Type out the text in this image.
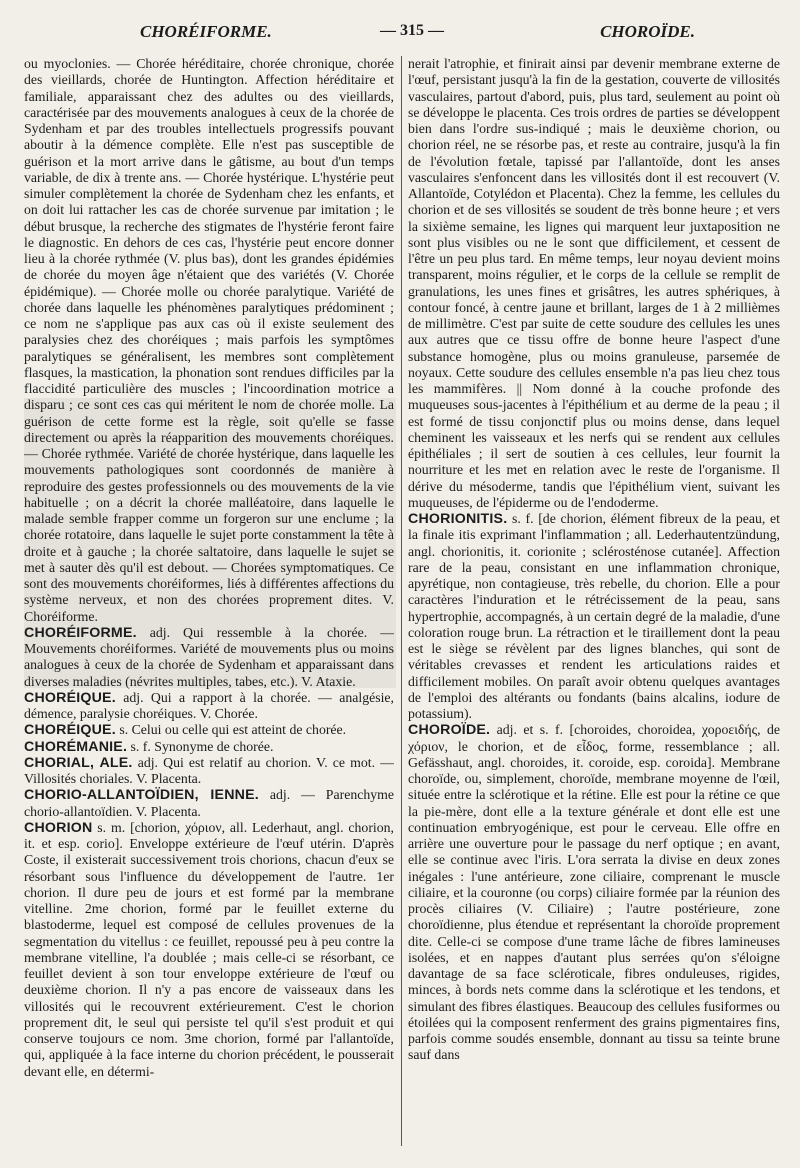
CHORÉIFORME.	— 315 —	CHOROÏDE.

ou myoclonies. — Chorée héréditaire, chorée chronique, chorée des vieillards, chorée de Huntington. Affection héréditaire et familiale, apparaissant chez des adultes ou des vieillards, caractérisée par des mouvements analogues à ceux de la chorée de Sydenham et par des troubles intellectuels progressifs pouvant aboutir à la démence complète. Elle n'est pas susceptible de guérison et la mort arrive dans le gâtisme, au bout d'un temps variable, de dix à trente ans. — Chorée hystérique. L'hystérie peut simuler complètement la chorée de Sydenham chez les enfants, et on doit lui rattacher les cas de chorée survenue par imitation ; le début brusque, la recherche des stigmates de l'hystérie feront faire le diagnostic. En dehors de ces cas, l'hystérie peut encore donner lieu à la chorée rythmée (V. plus bas), dont les grandes épidémies de chorée du moyen âge n'étaient que des variétés (V. Chorée épidémique). — Chorée molle ou chorée paralytique. Variété de chorée dans laquelle les phénomènes paralytiques prédominent ; ce nom ne s'applique pas aux cas où il existe seulement des paralysies chez des choréiques ; mais parfois les symptômes paralytiques se généralisent, les membres sont complètement flasques, la mastication, la phonation sont rendues difficiles par la flaccidité particulière des muscles ; l'incoordination motrice a disparu ; ce sont ces cas qui méritent le nom de chorée molle. La guérison de cette forme est la règle, soit qu'elle se fasse directement ou après la réapparition des mouvements choréiques. — Chorée rythmée. Variété de chorée hystérique, dans laquelle les mouvements pathologiques sont coordonnés de manière à reproduire des gestes professionnels ou des mouvements de la vie habituelle ; on a décrit la chorée malléatoire, dans laquelle le malade semble frapper comme un forgeron sur une enclume ; la chorée rotatoire, dans laquelle le sujet porte constamment la tête à droite et à gauche ; la chorée saltatoire, dans laquelle le sujet se met à sauter dès qu'il est debout. — Chorées symptomatiques. Ce sont des mouvements choréiformes, liés à différentes affections du système nerveux, et non des chorées proprement dites. V. Choréiforme.

CHORÉIFORME. adj. Qui ressemble à la chorée. — Mouvements choréiformes. Variété de mouvements plus ou moins analogues à ceux de la chorée de Sydenham et apparaissant dans diverses maladies (névrites multiples, tabes, etc.). V. Ataxie.

CHORÉIQUE. adj. Qui a rapport à la chorée. — analgésie, démence, paralysie choréiques. V. Chorée.

CHORÉIQUE. s. Celui ou celle qui est atteint de chorée.

CHORÉMANIE. s. f. Synonyme de chorée.

CHORIAL, ALE. adj. Qui est relatif au chorion. V. ce mot. — Villosités choriales. V. Placenta.

CHORIO-ALLANTOÏDIEN, IENNE. adj. — Parenchyme chorio-allantoïdien. V. Placenta.

CHORION s. m. [chorion, χόριον, all. Lederhaut, angl. chorion, it. et esp. corio]. Enveloppe extérieure de l'œuf utérin. D'après Coste, il existerait successivement trois chorions, chacun d'eux se résorbant sous l'influence du développement de l'autre. 1er chorion. Il dure peu de jours et est formé par la membrane vitelline. 2me chorion, formé par le feuillet externe du blastoderme, lequel est composé de cellules provenues de la segmentation du vitellus : ce feuillet, repoussé peu à peu contre la membrane vitelline, l'a doublée ; mais celle-ci se résorbant, ce feuillet devient à son tour enveloppe extérieure de l'œuf ou deuxième chorion. Il n'y a pas encore de vaisseaux dans les villosités qui le recouvrent extérieurement. C'est le chorion proprement dit, le seul qui persiste tel qu'il s'est produit et qui conserve toujours ce nom. 3me chorion, formé par l'allantoïde, qui, appliquée à la face interne du chorion précédent, le pousserait devant elle, en détermi-

nerait l'atrophie, et finirait ainsi par devenir membrane externe de l'œuf, persistant jusqu'à la fin de la gestation, couverte de villosités vasculaires, partout d'abord, puis, plus tard, seulement au point où se développe le placenta. Ces trois ordres de parties se développent bien dans l'ordre sus-indiqué ; mais le deuxième chorion, ou chorion réel, ne se résorbe pas, et reste au contraire, jusqu'à la fin de l'évolution fœtale, tapissé par l'allantoïde, dont les anses vasculaires s'enfoncent dans les villosités dont il est recouvert (V. Allantoïde, Cotylédon et Placenta). Chez la femme, les cellules du chorion et de ses villosités se soudent de très bonne heure ; et vers la sixième semaine, les lignes qui marquent leur juxtaposition ne sont plus visibles ou ne le sont que difficilement, et cessent de l'être un peu plus tard. En même temps, leur noyau devient moins transparent, moins régulier, et le corps de la cellule se remplit de granulations, les unes fines et grisâtres, les autres sphériques, à contour foncé, à centre jaune et brillant, larges de 1 à 2 millièmes de millimètre. C'est par suite de cette soudure des cellules les unes aux autres que ce tissu offre de bonne heure l'aspect d'une substance homogène, plus ou moins granuleuse, parsemée de noyaux. Cette soudure des cellules ensemble n'a pas lieu chez tous les mammifères. || Nom donné à la couche profonde des muqueuses sous-jacentes à l'épithélium et au derme de la peau ; il est formé de tissu conjonctif plus ou moins dense, dans lequel cheminent les vaisseaux et les nerfs qui se rendent aux cellules épithéliales ; il sert de soutien à ces cellules, leur fournit la nourriture et les met en relation avec le reste de l'organisme. Il dérive du mésoderme, tandis que l'épithélium vient, suivant les muqueuses, de l'épiderme ou de l'endoderme.

CHORIONITIS. s. f. [de chorion, élément fibreux de la peau, et la finale itis exprimant l'inflammation ; all. Lederhautentzündung, angl. chorionitis, it. corionite ; sclérosténose cutanée]. Affection rare de la peau, consistant en une inflammation chronique, apyrétique, non contagieuse, très rebelle, du chorion. Elle a pour caractères l'induration et le rétrécissement de la peau, sans hypertrophie, accompagnés, à un certain degré de la maladie, d'une coloration rouge brun. La rétraction et le tiraillement dont la peau est le siège se révèlent par des lignes blanches, qui sont de véritables crevasses et rendent les articulations raides et difficilement mobiles. On paraît avoir obtenu quelques avantages de l'emploi des altérants ou fondants (bains alcalins, iodure de potassium).

CHOROÏDE. adj. et s. f. [choroides, choroidea, χοροειδής, de χόριον, le chorion, et de εἶδος, forme, ressemblance ; all. Gefässhaut, angl. choroides, it. coroide, esp. coroida]. Membrane choroïde, ou, simplement, choroïde, membrane moyenne de l'œil, située entre la sclérotique et la rétine. Elle est pour la rétine ce que la pie-mère, dont elle a la texture générale et dont elle est une continuation embryogénique, est pour le cerveau. Elle offre en arrière une ouverture pour le passage du nerf optique ; en avant, elle se continue avec l'iris. L'ora serrata la divise en deux zones inégales : l'une antérieure, zone ciliaire, comprenant le muscle ciliaire, et la couronne (ou corps) ciliaire formée par la réunion des procès ciliaires (V. Ciliaire) ; l'autre postérieure, zone choroïdienne, plus étendue et représentant la choroïde proprement dite. Celle-ci se compose d'une trame lâche de fibres lamineuses isolées, et en nappes d'autant plus serrées qu'on s'éloigne davantage de sa face scléroticale, fibres onduleuses, rigides, minces, à bords nets comme dans la sclérotique et les tendons, et simulant des fibres élastiques. Beaucoup des cellules fusiformes ou étoilées qui la composent renferment des grains pigmentaires fins, parfois comme soudés ensemble, donnant au tissu sa teinte brune sauf dans
